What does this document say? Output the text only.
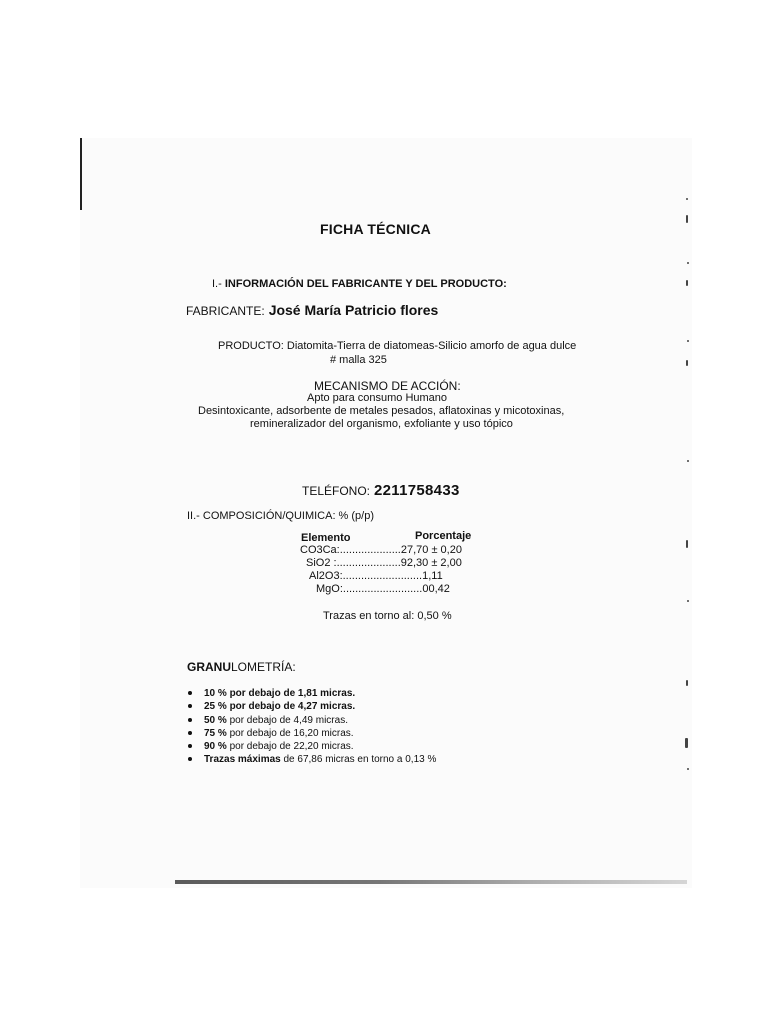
FICHA TÉCNICA
I.- INFORMACIÓN DEL FABRICANTE Y DEL PRODUCTO:
FABRICANTE: José María Patricio flores
PRODUCTO: Diatomita-Tierra de diatomeas-Silicio amorfo de agua dulce
# malla 325
MECANISMO DE ACCIÓN:
Apto para consumo Humano
Desintoxicante, adsorbente de metales pesados, aflatoxinas y micotoxinas,
remineralizador del organismo, exfoliante y uso tópico
TELÉFONO: 2211758433
II.- COMPOSICIÓN/QUIMICA: % (p/p)
Elemento	Porcentaje
CO3Ca:....................27,70 ± 0,20
SiO2 :.....................92,30 ± 2,00
Al2O3:..........................1,11
MgO:..........................00,42
Trazas en torno al: 0,50 %
GRANULOMETRÍA:
10 % por debajo de 1,81 micras.
25 % por debajo de 4,27 micras.
50 % por debajo de 4,49 micras.
75 % por debajo de 16,20 micras.
90 % por debajo de 22,20 micras.
Trazas máximas de 67,86 micras en torno a 0,13 %
